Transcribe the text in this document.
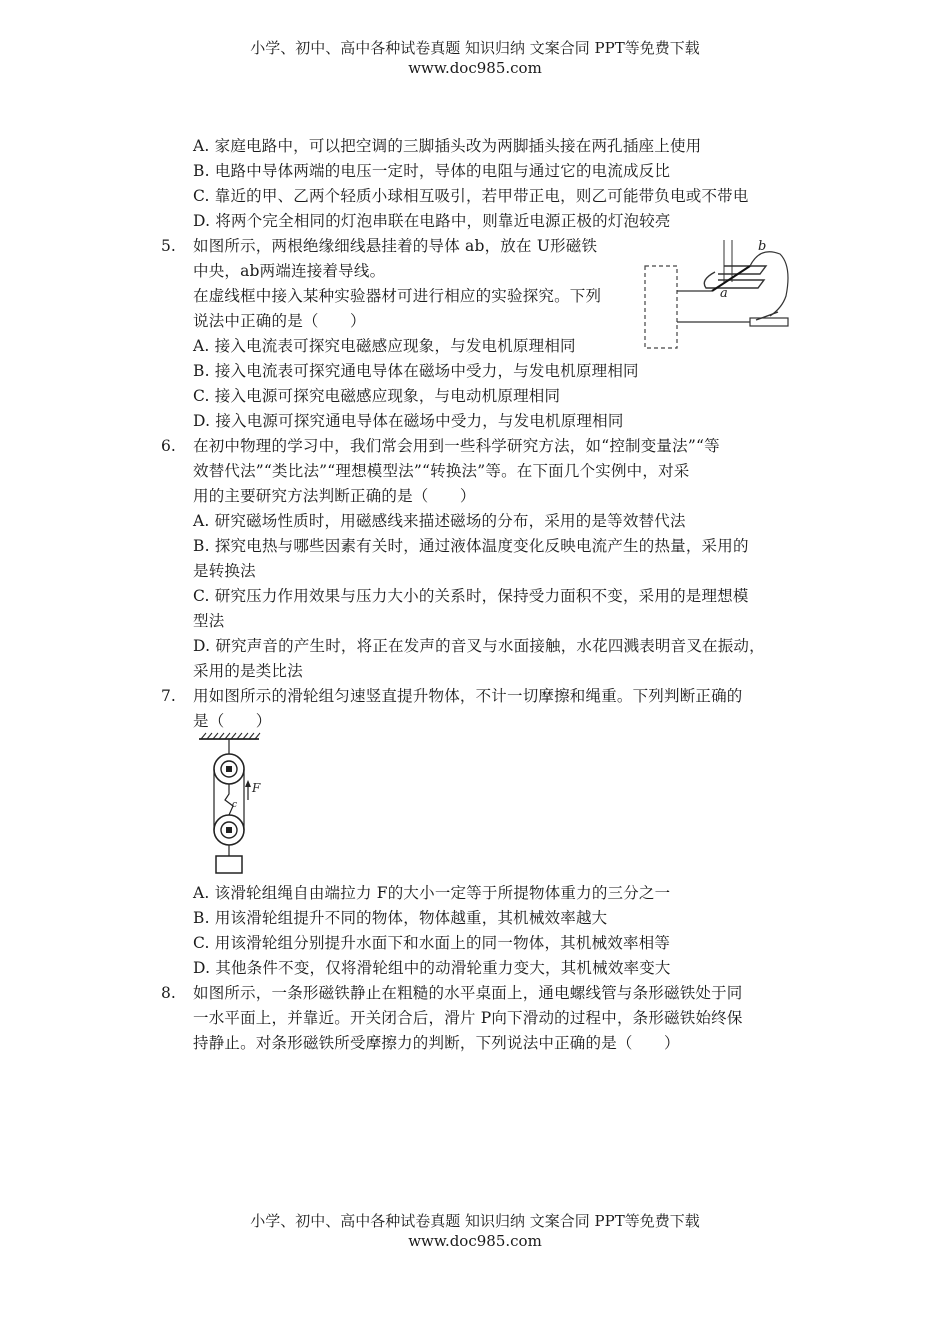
小学、初中、高中各种试卷真题 知识归纳 文案合同 PPT等免费下载
www.doc985.com
A. 家庭电路中，可以把空调的三脚插头改为两脚插头接在两孔插座上使用
B. 电路中导体两端的电压一定时，导体的电阻与通过它的电流成反比
C. 靠近的甲、乙两个轻质小球相互吸引，若甲带正电，则乙可能带负电或不带电
D. 将两个完全相同的灯泡串联在电路中，则靠近电源正极的灯泡较亮
5. 如图所示，两根绝缘细线悬挂着的导体 ab，放在 U形磁铁
中央，ab两端连接着导线。
在虚线框中接入某种实验器材可进行相应的实验探究。下列
说法中正确的是（　　）
A. 接入电流表可探究电磁感应现象，与发电机原理相同
B. 接入电流表可探究通电导体在磁场中受力，与发电机原理相同
C. 接入电源可探究电磁感应现象，与电动机原理相同
D. 接入电源可探究通电导体在磁场中受力，与发电机原理相同
a
b
6. 在初中物理的学习中，我们常会用到一些科学研究方法，如“控制变量法”“等
效替代法”“类比法”“理想模型法”“转换法”等。在下面几个实例中，对采
用的主要研究方法判断正确的是（　　）
A. 研究磁场性质时，用磁感线来描述磁场的分布，采用的是等效替代法
B. 探究电热与哪些因素有关时，通过液体温度变化反映电流产生的热量，采用的
是转换法
C. 研究压力作用效果与压力大小的关系时，保持受力面积不变，采用的是理想模
型法
D. 研究声音的产生时，将正在发声的音叉与水面接触，水花四溅表明音叉在振动，
采用的是类比法
7. 用如图所示的滑轮组匀速竖直提升物体，不计一切摩擦和绳重。下列判断正确的
是（　　）
F
c
A. 该滑轮组绳自由端拉力 F的大小一定等于所提物体重力的三分之一
B. 用该滑轮组提升不同的物体，物体越重，其机械效率越大
C. 用该滑轮组分别提升水面下和水面上的同一物体，其机械效率相等
D. 其他条件不变，仅将滑轮组中的动滑轮重力变大，其机械效率变大
8. 如图所示，一条形磁铁静止在粗糙的水平桌面上，通电螺线管与条形磁铁处于同
一水平面上，并靠近。开关闭合后，滑片 P向下滑动的过程中，条形磁铁始终保
持静止。对条形磁铁所受摩擦力的判断，下列说法中正确的是（　　）
小学、初中、高中各种试卷真题 知识归纳 文案合同 PPT等免费下载
www.doc985.com
